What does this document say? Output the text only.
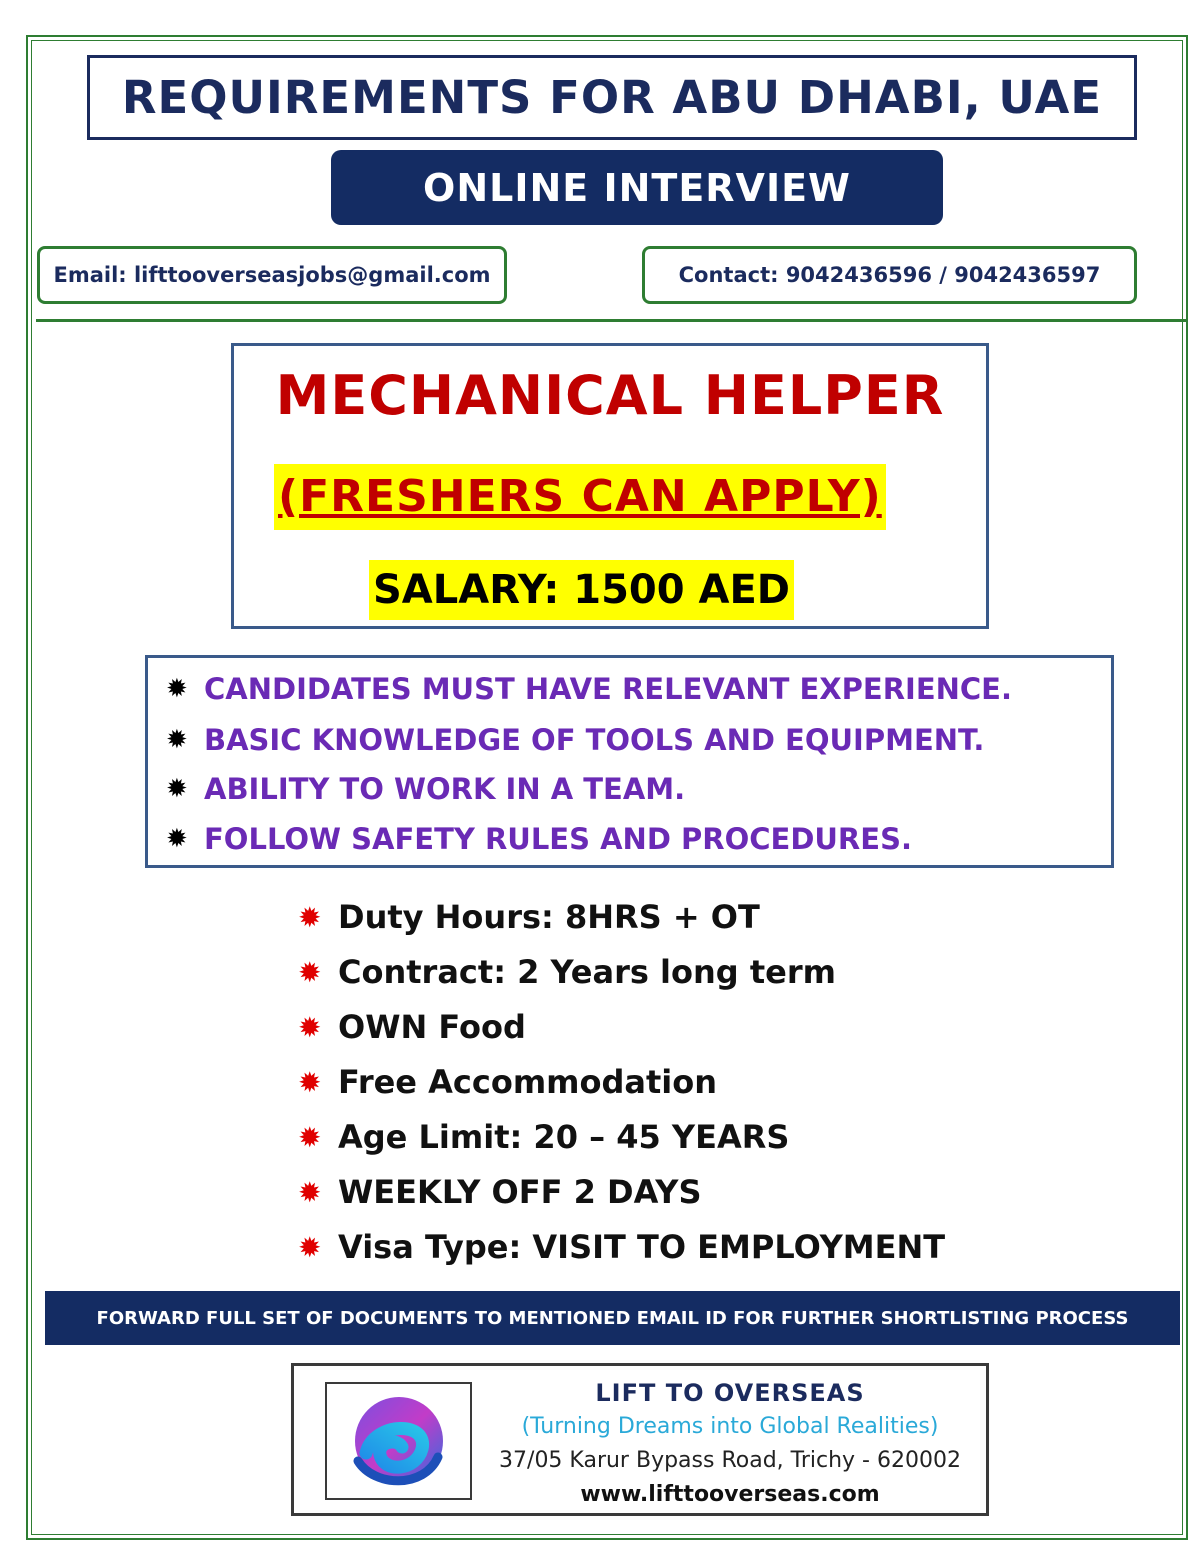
REQUIREMENTS FOR ABU DHABI, UAE
ONLINE INTERVIEW
Email: lifttooverseasjobs@gmail.com	Contact: 9042436596 / 9042436597
MECHANICAL HELPER
(FRESHERS CAN APPLY)
SALARY: 1500 AED
✹ CANDIDATES MUST HAVE RELEVANT EXPERIENCE.
✹ BASIC KNOWLEDGE OF TOOLS AND EQUIPMENT.
✹ ABILITY TO WORK IN A TEAM.
✹ FOLLOW SAFETY RULES AND PROCEDURES.
✹ Duty Hours: 8HRS + OT
✹ Contract: 2 Years long term
✹ OWN Food
✹ Free Accommodation
✹ Age Limit: 20 – 45 YEARS
✹ WEEKLY OFF 2 DAYS
✹ Visa Type: VISIT TO EMPLOYMENT
FORWARD FULL SET OF DOCUMENTS TO MENTIONED EMAIL ID FOR FURTHER SHORTLISTING PROCESS
LIFT TO OVERSEAS
(Turning Dreams into Global Realities)
37/05 Karur Bypass Road, Trichy - 620002
www.lifttooverseas.com
